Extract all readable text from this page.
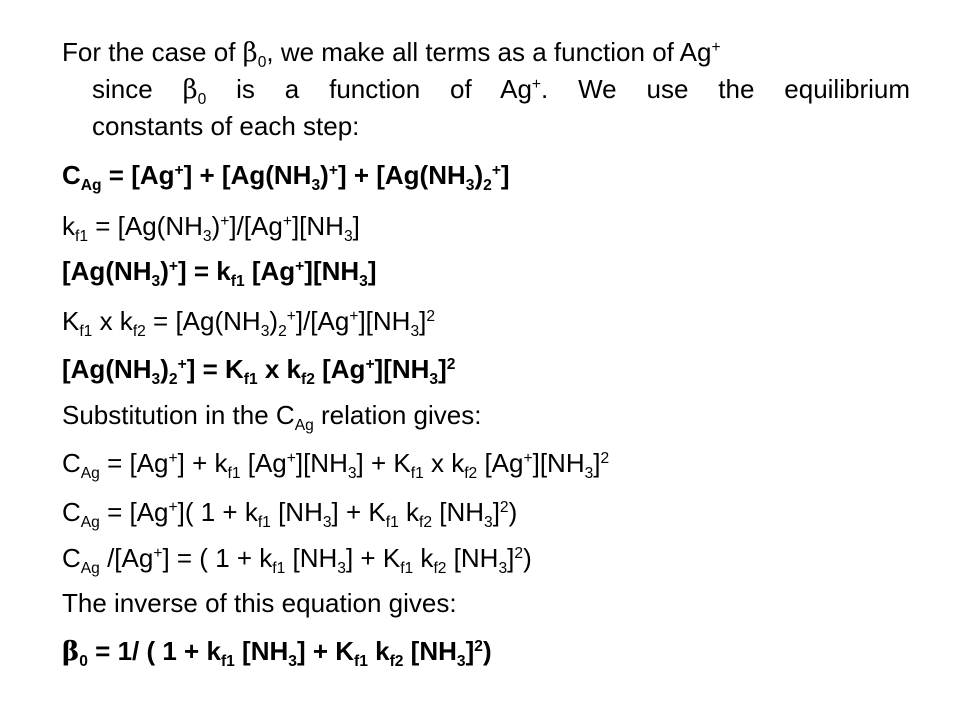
For the case of $\beta_0$, we make all terms as a function of Ag+
since $\beta_0$ is a function of Ag+. We use the equilibrium
constants of each step:
$C_{Ag} = [Ag^+] + [Ag(NH_3)^+] + [Ag(NH_3)_2^+]$
$k_{f1} = [Ag(NH_3)^+]/[Ag^+][NH_3]$
$[Ag(NH_3)^+] = k_{f1}$ $[Ag^+][NH_3]$
$K_{f1}$ x $k_{f2} = [Ag(NH_3)_2^+]/[Ag^+][NH_3]^2$
$[Ag(NH_3)_2^+] = K_{f1}$ x $k_{f2}$ $[Ag^+][NH_3]^2$
Substitution in the $C_{Ag}$ relation gives:
$C_{Ag} = [Ag^+] + k_{f1}$ $[Ag^+][NH_3] + K_{f1}$ x $k_{f2}$ $[Ag^+][NH_3]^2$
$C_{Ag} = [Ag^+]$( $1 + k_{f1}$ $[NH_3] + K_{f1}$ $k_{f2}$ $[NH_3]^2$)
$C_{Ag}$ /[Ag+] = ( $1 + k_{f1}$ $[NH_3] + K_{f1}$ $k_{f2}$ $[NH_3]^2$)
The inverse of this equation gives:
$\beta_0 = 1/$ ( $1 + k_{f1}$ $[NH_3] + K_{f1}$ $k_{f2}$ $[NH_3]^2$)
